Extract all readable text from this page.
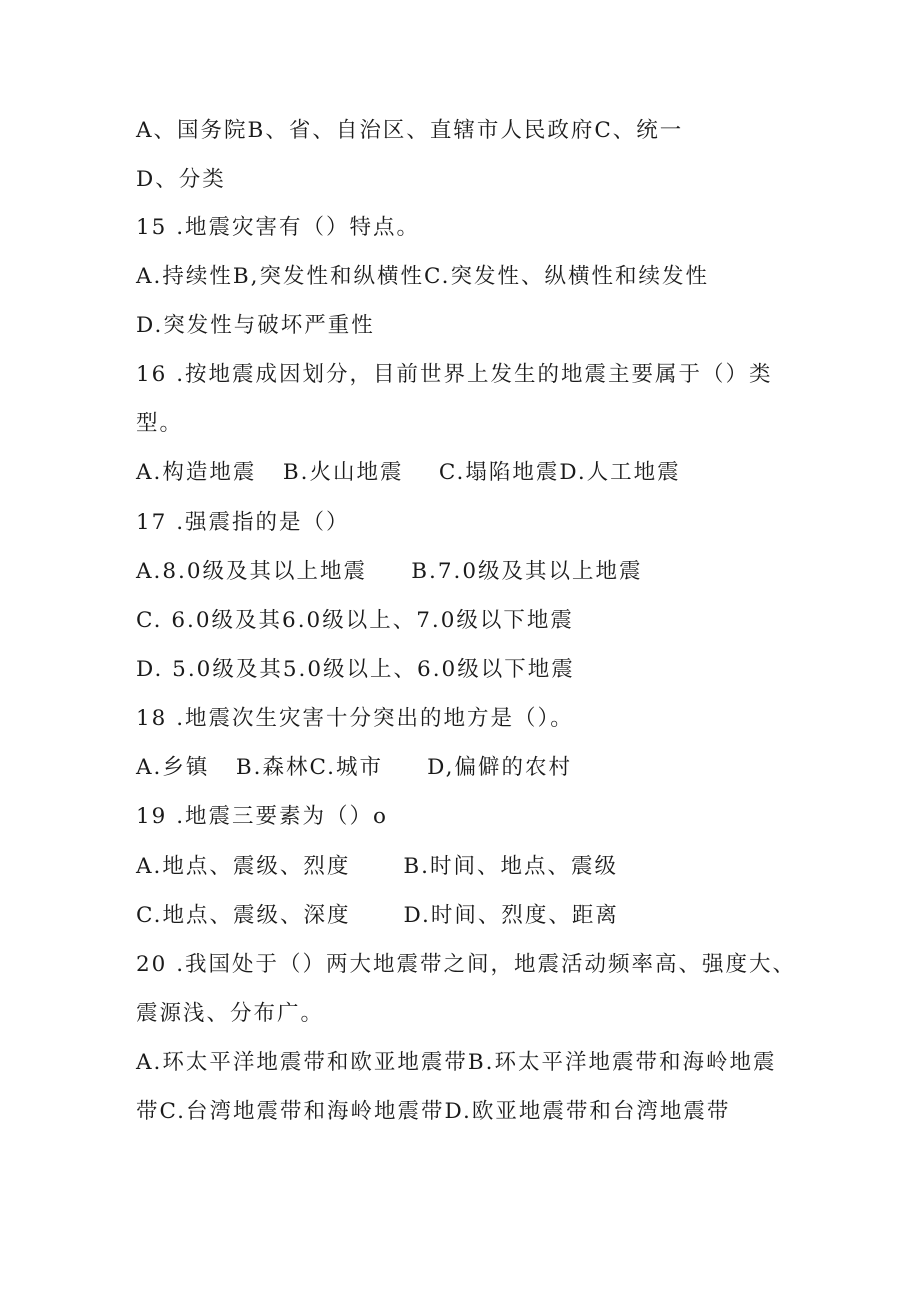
A、国务院B、省、自治区、直辖市人民政府C、统一
D、分类
15 .地震灾害有（）特点。
A.持续性B,突发性和纵横性C.突发性、纵横性和续发性
D.突发性与破坏严重性
16 .按地震成因划分，目前世界上发生的地震主要属于（）类
型。
A.构造地震   B.火山地震    C.塌陷地震D.人工地震
17 .强震指的是（）
A.8.0级及其以上地震     B.7.0级及其以上地震
C. 6.0级及其6.0级以上、7.0级以下地震
D. 5.0级及其5.0级以上、6.0级以下地震
18 .地震次生灾害十分突出的地方是（）。
A.乡镇   B.森林C.城市     D,偏僻的农村
19 .地震三要素为（）o
A.地点、震级、烈度      B.时间、地点、震级
C.地点、震级、深度      D.时间、烈度、距离
20 .我国处于（）两大地震带之间，地震活动频率高、强度大、
震源浅、分布广。
A.环太平洋地震带和欧亚地震带B.环太平洋地震带和海岭地震
带C.台湾地震带和海岭地震带D.欧亚地震带和台湾地震带
